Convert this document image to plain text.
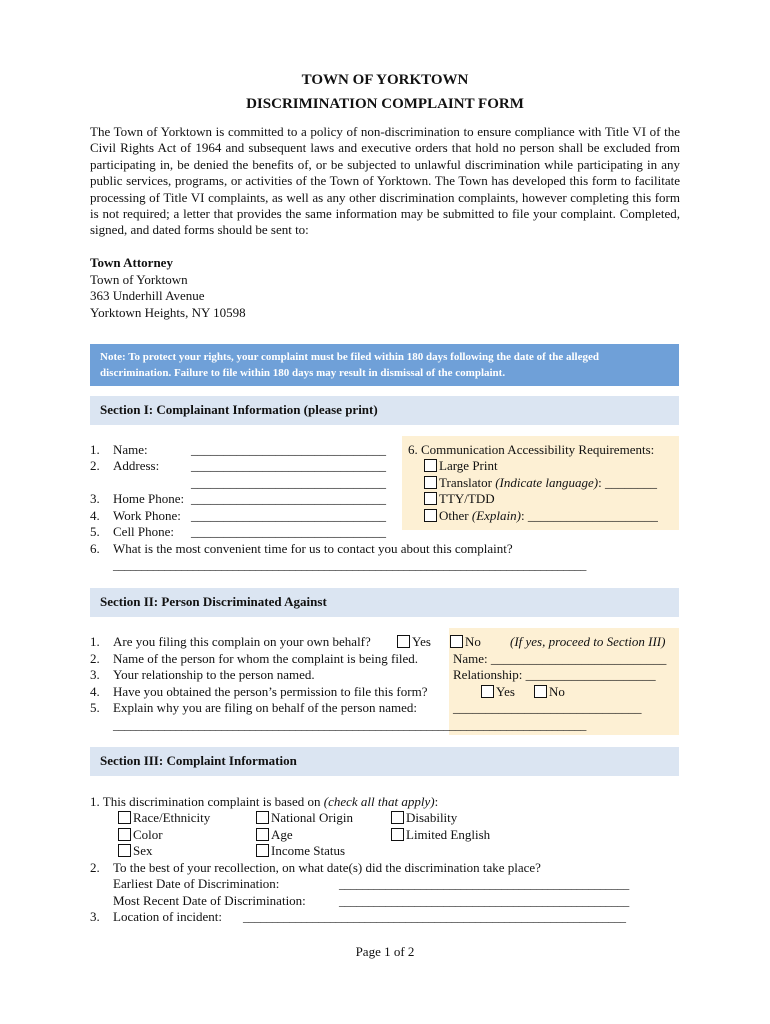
TOWN OF YORKTOWN
DISCRIMINATION COMPLAINT FORM
The Town of Yorktown is committed to a policy of non-discrimination to ensure compliance with Title VI of the Civil Rights Act of 1964 and subsequent laws and executive orders that hold no person shall be excluded from participating in, be denied the benefits of, or be subjected to unlawful discrimination while participating in any public services, programs, or activities of the Town of Yorktown. The Town has developed this form to facilitate processing of Title VI complaints, as well as any other discrimination complaints, however completing this form is not required; a letter that provides the same information may be submitted to file your complaint. Completed, signed, and dated forms should be sent to:
Town Attorney
Town of Yorktown
363 Underhill Avenue
Yorktown Heights, NY 10598
Note: To protect your rights, your complaint must be filed within 180 days following the date of the alleged discrimination. Failure to file within 180 days may result in dismissal of the complaint.
Section I: Complainant Information (please print)
1. Name:	______________________________
2. Address: ______________________________
______________________________
3. Home Phone: ______________________________
4. Work Phone: ______________________________
5. Cell Phone: ______________________________
6. What is the most convenient time for us to contact you about this complaint?
___________________________________________________________________________________
6. Communication Accessibility Requirements:
Large Print
Translator (Indicate language): ________
TTY/TDD
Other (Explain): ____________________
Section II: Person Discriminated Against
1. Are you filing this complain on your own behalf?	Yes	No (If yes, proceed to Section III)
2. Name of the person for whom the complaint is being filed.	Name: ___________________________
3. Your relationship to the person named.	Relationship: ____________________
4. Have you obtained the person’s permission to file this form?	Yes	No
5. Explain why you are filing on behalf of the person named:	_____________________________
___________________________________________________________________________________
Section III: Complaint Information
1. This discrimination complaint is based on (check all that apply):
Race/Ethnicity	National Origin	Disability
Color	Age	Limited English
Sex	Income Status
2. To the best of your recollection, on what date(s) did the discrimination take place?
Earliest Date of Discrimination:	__________________________________________________
Most Recent Date of Discrimination:	__________________________________________________
3. Location of incident: __________________________________________________________________
Page 1 of 2
